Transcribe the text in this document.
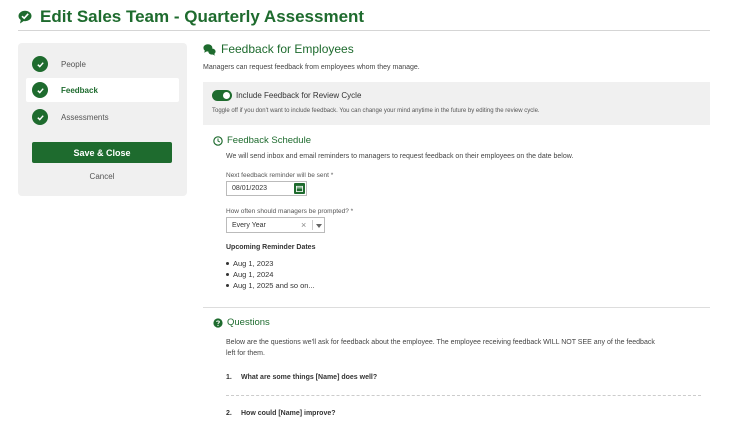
Edit Sales Team - Quarterly Assessment
People
Feedback
Assessments
Save & Close
Cancel
Feedback for Employees
Managers can request feedback from employees whom they manage.
Include Feedback for Review Cycle
Toggle off if you don't want to include feedback. You can change your mind anytime in the future by editing the review cycle.
Feedback Schedule
We will send inbox and email reminders to managers to request feedback on their employees on the date below.
Next feedback reminder will be sent *
08/01/2023
How often should managers be prompted? *
Every Year	×
Upcoming Reminder Dates
Aug 1, 2023
Aug 1, 2024
Aug 1, 2025 and so on...
Questions
Below are the questions we'll ask for feedback about the employee. The employee receiving feedback WILL NOT SEE any of the feedback
left for them.
1. What are some things [Name] does well?
2. How could [Name] improve?
